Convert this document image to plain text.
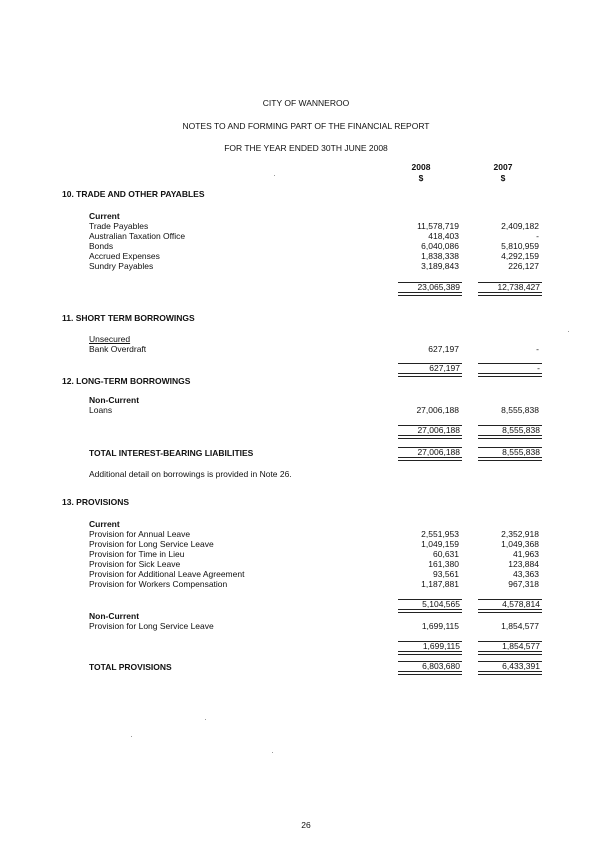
CITY OF WANNEROO
NOTES TO AND FORMING PART OF THE FINANCIAL REPORT
FOR THE YEAR ENDED 30TH JUNE 2008
2008	2007
$	$
10. TRADE AND OTHER PAYABLES
Current
Trade Payables	11,578,719	2,409,182
Australian Taxation Office	418,403	-
Bonds	6,040,086	5,810,959
Accrued Expenses	1,838,338	4,292,159
Sundry Payables	3,189,843	226,127
23,065,389	12,738,427
11. SHORT TERM BORROWINGS
Unsecured
Bank Overdraft	627,197	-
627,197	-
12. LONG-TERM BORROWINGS
Non-Current
Loans	27,006,188	8,555,838
27,006,188	8,555,838
TOTAL INTEREST-BEARING LIABILITIES	27,006,188	8,555,838
Additional detail on borrowings is provided in Note 26.
13. PROVISIONS
Current
Provision for Annual Leave	2,551,953	2,352,918
Provision for Long Service Leave	1,049,159	1,049,368
Provision for Time in Lieu	60,631	41,963
Provision for Sick Leave	161,380	123,884
Provision for Additional Leave Agreement	93,561	43,363
Provision for Workers Compensation	1,187,881	967,318
5,104,565	4,578,814
Non-Current
Provision for Long Service Leave	1,699,115	1,854,577
1,699,115	1,854,577
TOTAL PROVISIONS	6,803,680	6,433,391
26
